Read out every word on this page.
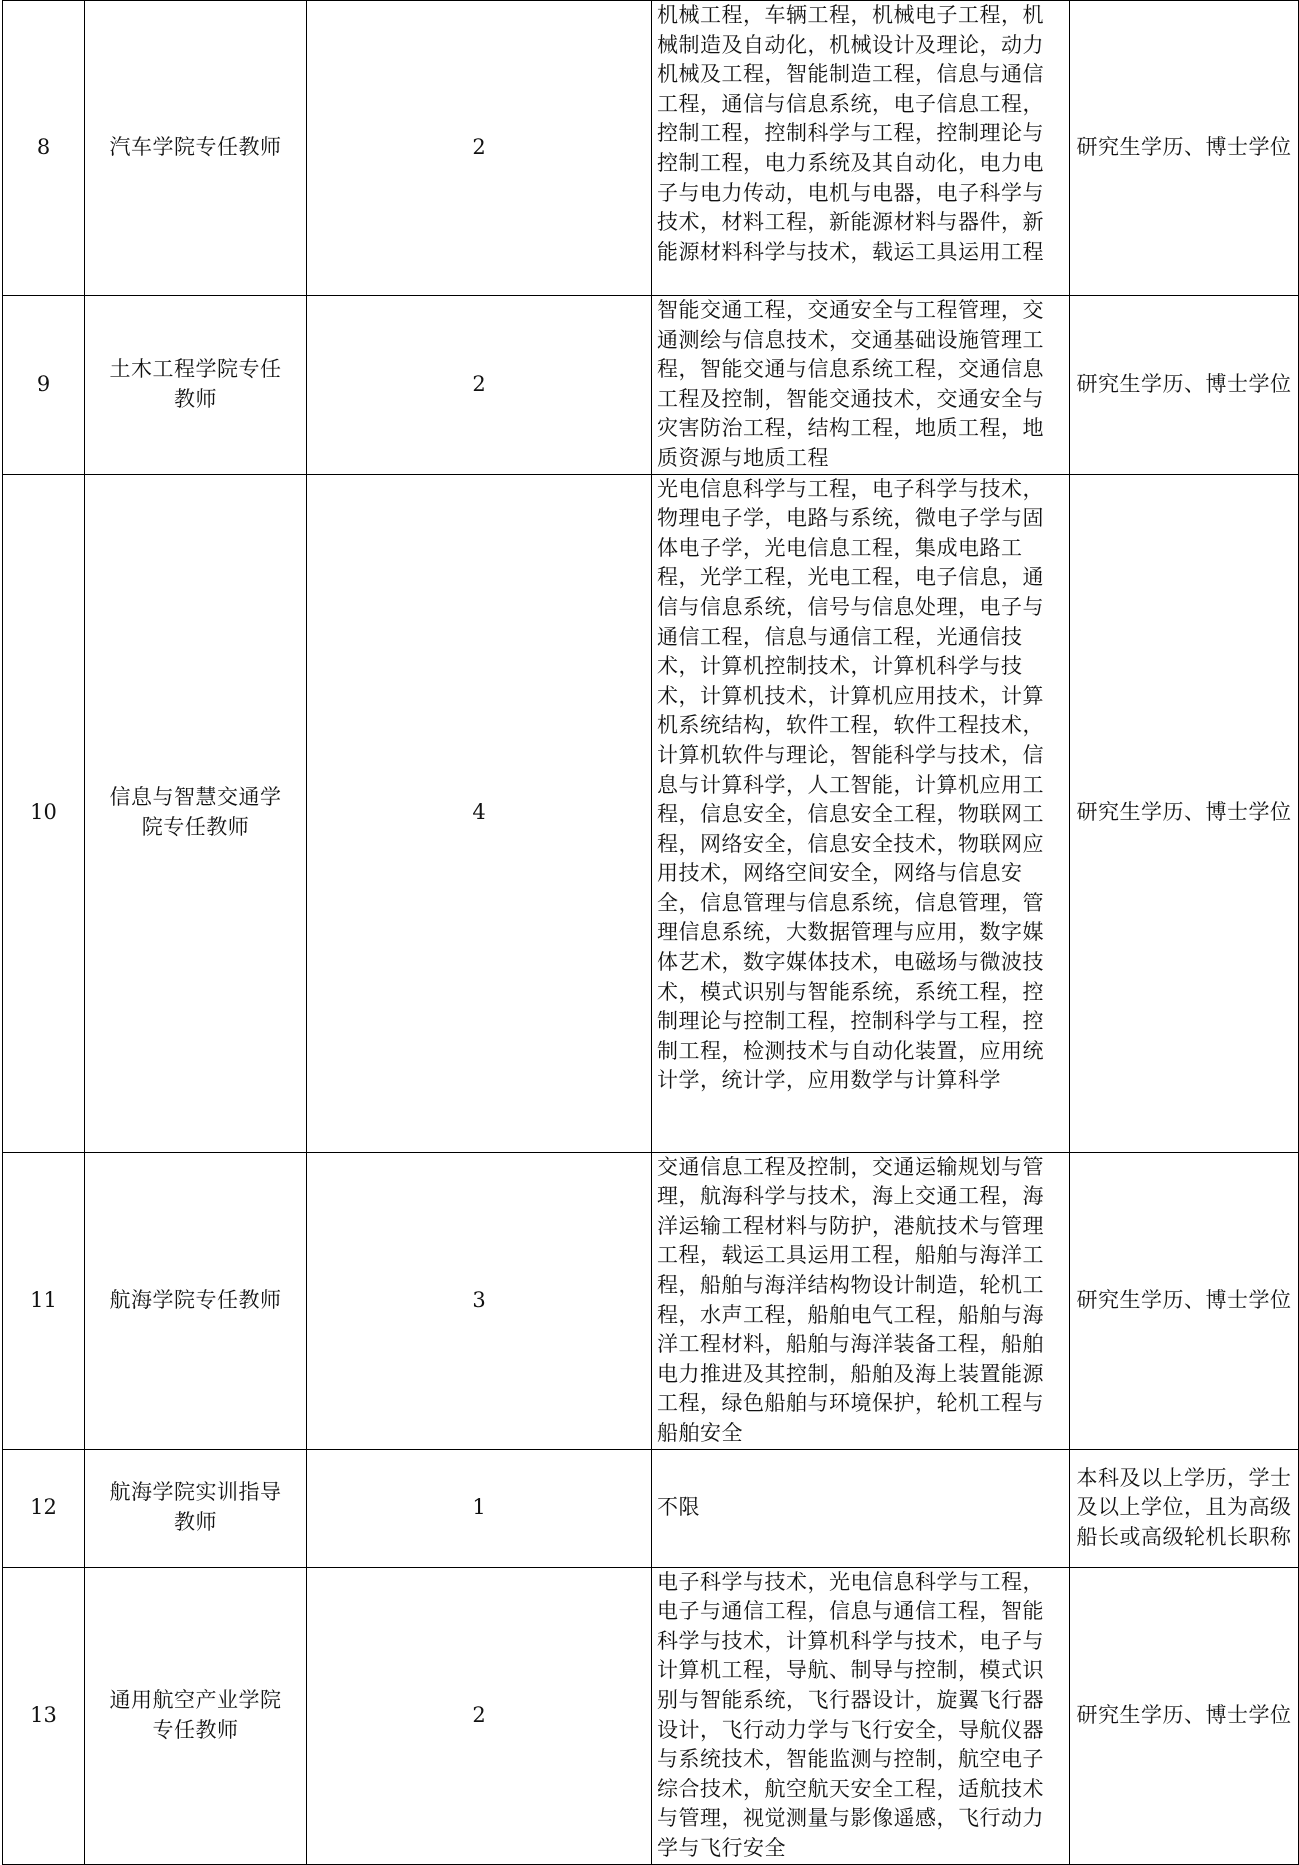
8	汽车学院专任教师	2	机械工程，车辆工程，机械电子工程，机械制造及自动化，机械设计及理论，动力机械及工程，智能制造工程，信息与通信工程，通信与信息系统，电子信息工程，控制工程，控制科学与工程，控制理论与控制工程，电力系统及其自动化，电力电子与电力传动，电机与电器，电子科学与技术，材料工程，新能源材料与器件，新能源材料科学与技术，载运工具运用工程	研究生学历、博士学位
9	土木工程学院专任教师	2	智能交通工程，交通安全与工程管理，交通测绘与信息技术，交通基础设施管理工程，智能交通与信息系统工程，交通信息工程及控制，智能交通技术，交通安全与灾害防治工程，结构工程，地质工程，地质资源与地质工程	研究生学历、博士学位
10	信息与智慧交通学院专任教师	4	光电信息科学与工程，电子科学与技术，物理电子学，电路与系统，微电子学与固体电子学，光电信息工程，集成电路工程，光学工程，光电工程，电子信息，通信与信息系统，信号与信息处理，电子与通信工程，信息与通信工程，光通信技术，计算机控制技术，计算机科学与技术，计算机技术，计算机应用技术，计算机系统结构，软件工程，软件工程技术，计算机软件与理论，智能科学与技术，信息与计算科学，人工智能，计算机应用工程，信息安全，信息安全工程，物联网工程，网络安全，信息安全技术，物联网应用技术，网络空间安全，网络与信息安全，信息管理与信息系统，信息管理，管理信息系统，大数据管理与应用，数字媒体艺术，数字媒体技术，电磁场与微波技术，模式识别与智能系统，系统工程，控制理论与控制工程，控制科学与工程，控制工程，检测技术与自动化装置，应用统计学，统计学，应用数学与计算科学	研究生学历、博士学位
11	航海学院专任教师	3	交通信息工程及控制，交通运输规划与管理，航海科学与技术，海上交通工程，海洋运输工程材料与防护，港航技术与管理工程，载运工具运用工程，船舶与海洋工程，船舶与海洋结构物设计制造，轮机工程，水声工程，船舶电气工程，船舶与海洋工程材料，船舶与海洋装备工程，船舶电力推进及其控制，船舶及海上装置能源工程，绿色船舶与环境保护，轮机工程与船舶安全	研究生学历、博士学位
12	航海学院实训指导教师	1	不限	本科及以上学历，学士及以上学位，且为高级船长或高级轮机长职称
13	通用航空产业学院专任教师	2	电子科学与技术，光电信息科学与工程，电子与通信工程，信息与通信工程，智能科学与技术，计算机科学与技术，电子与计算机工程，导航、制导与控制，模式识别与智能系统，飞行器设计，旋翼飞行器设计，飞行动力学与飞行安全，导航仪器与系统技术，智能监测与控制，航空电子综合技术，航空航天安全工程，适航技术与管理，视觉测量与影像遥感，飞行动力学与飞行安全	研究生学历、博士学位
